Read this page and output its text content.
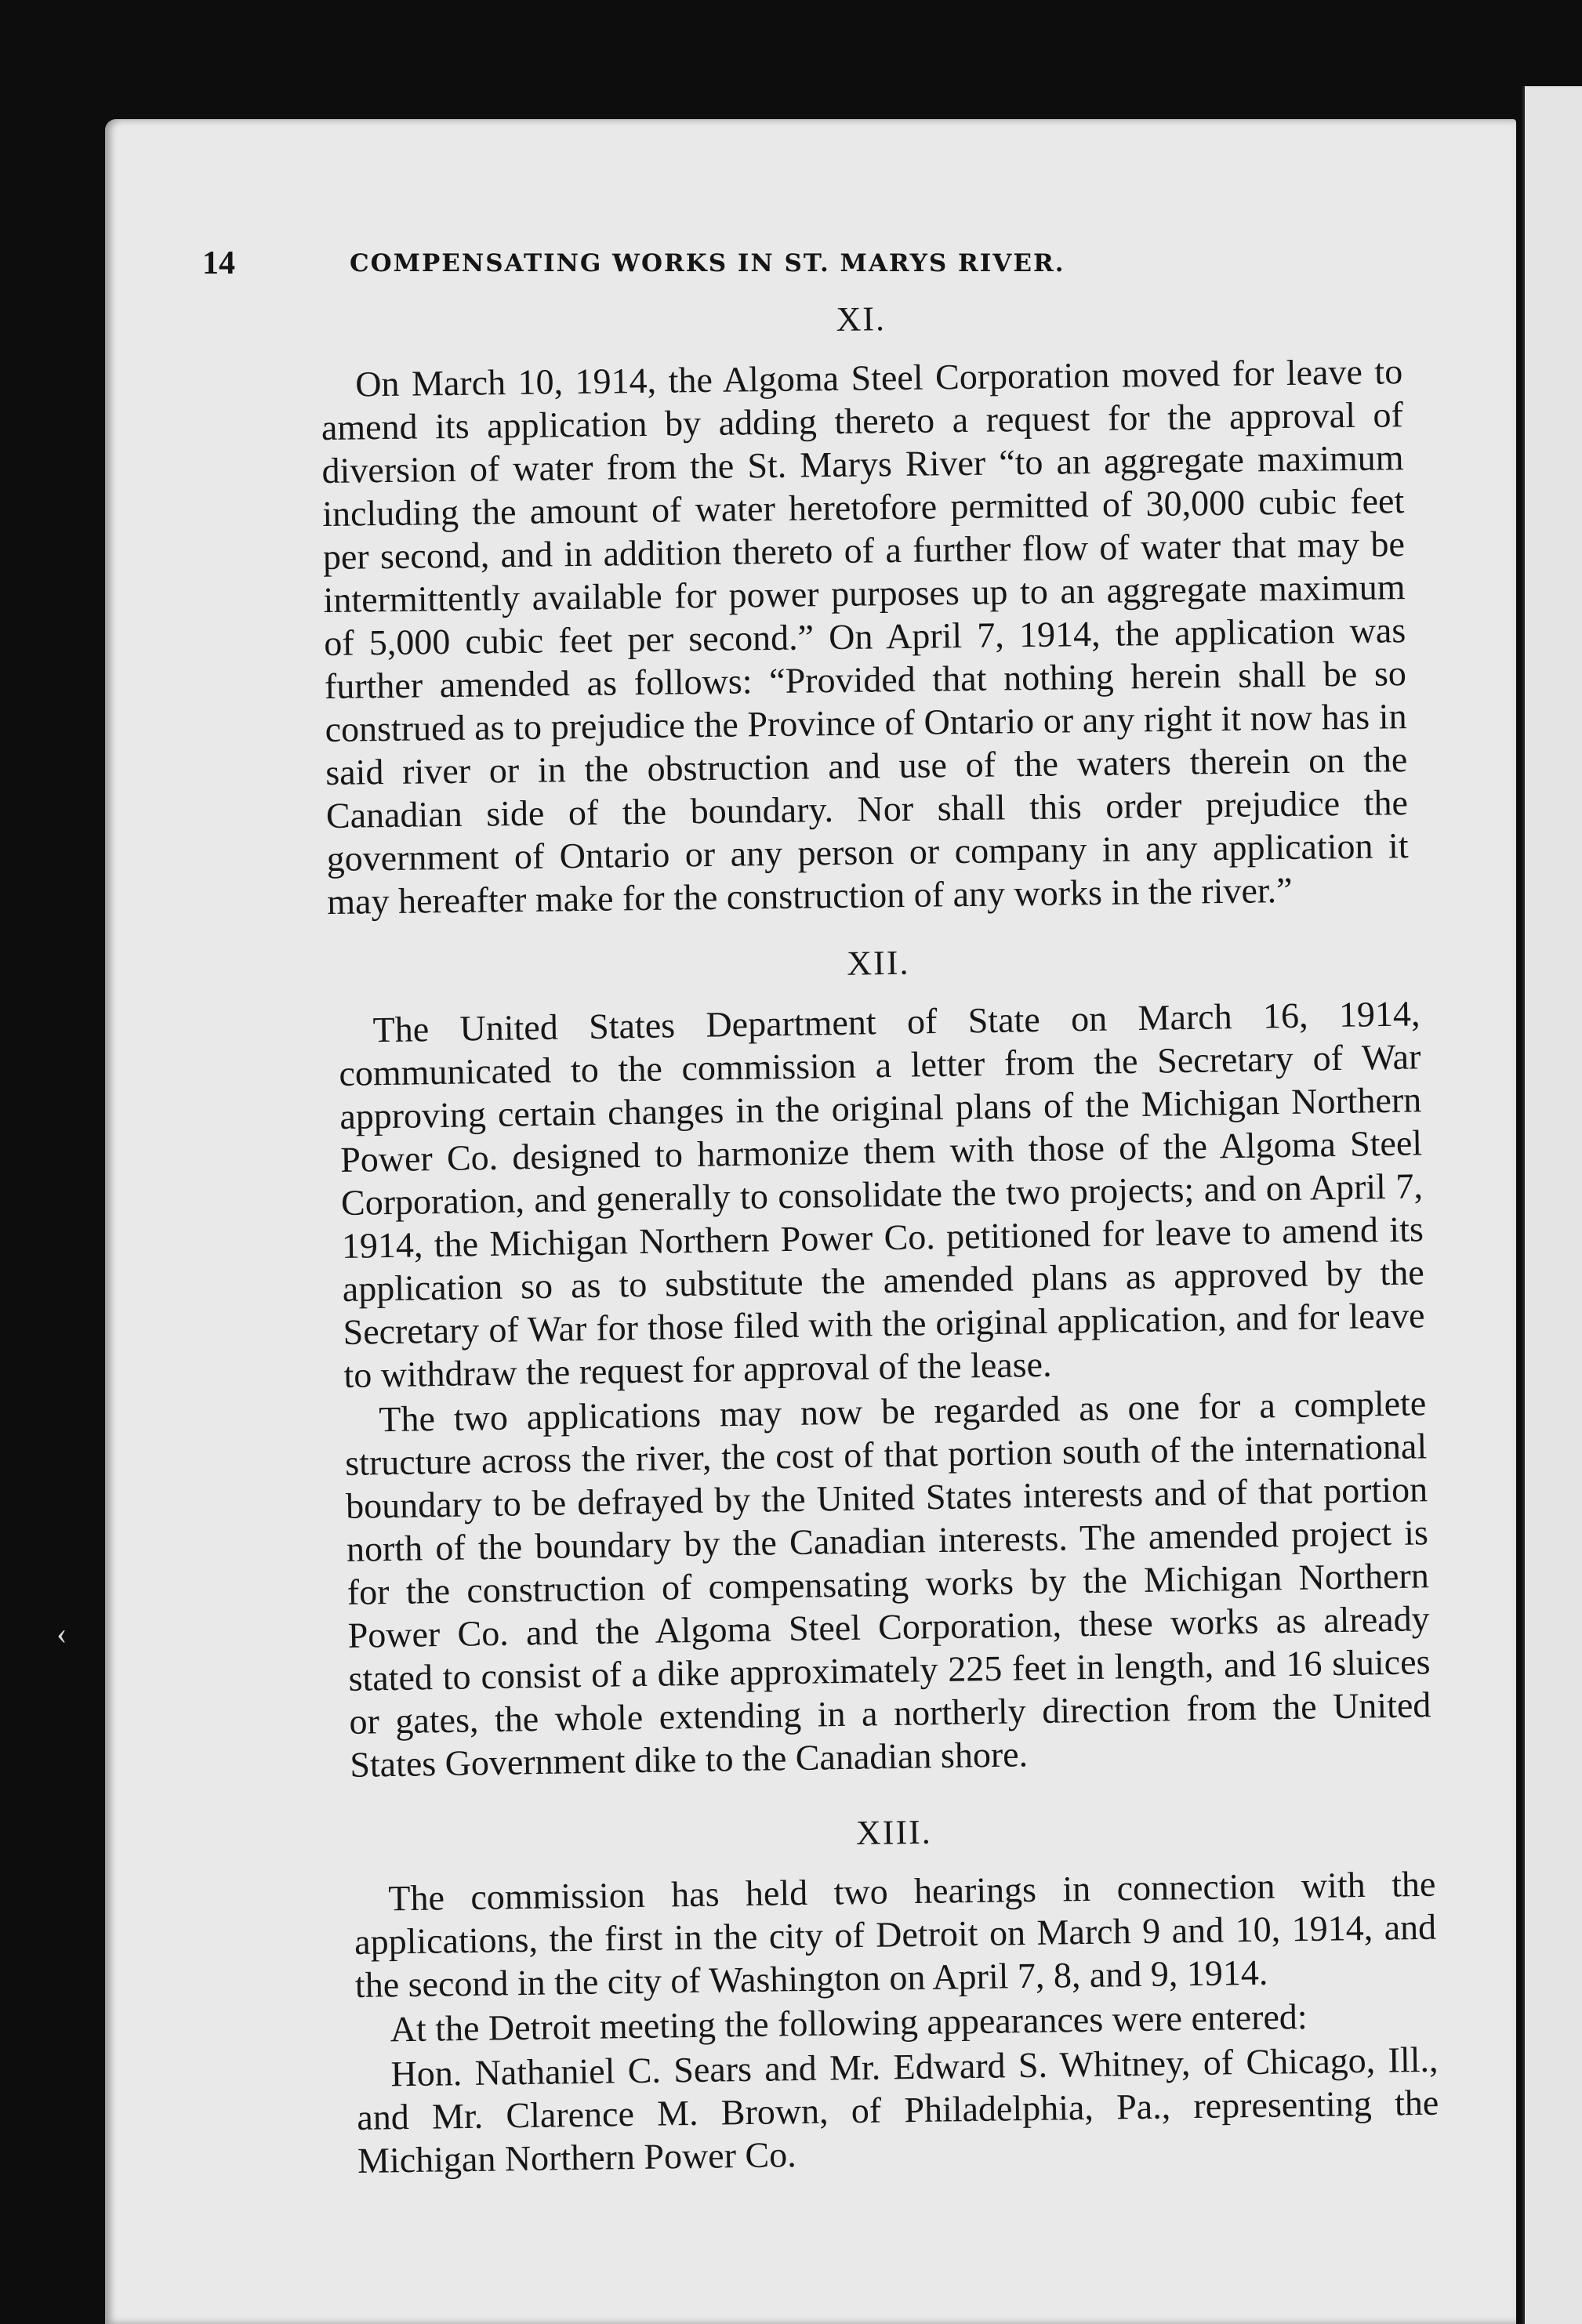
14	COMPENSATING WORKS IN ST. MARYS RIVER.
XI.

On March 10, 1914, the Algoma Steel Corporation moved for leave to amend its application by adding thereto a request for the approval of diversion of water from the St. Marys River “to an aggregate maximum including the amount of water heretofore permitted of 30,000 cubic feet per second, and in addition thereto of a further flow of water that may be intermittently available for power purposes up to an aggregate maximum of 5,000 cubic feet per second.” On April 7, 1914, the application was further amended as follows: “Provided that nothing herein shall be so construed as to prejudice the Province of Ontario or any right it now has in said river or in the obstruction and use of the waters therein on the Canadian side of the boundary. Nor shall this order prejudice the government of Ontario or any person or company in any application it may hereafter make for the construction of any works in the river.”

XII.

The United States Department of State on March 16, 1914, communicated to the commission a letter from the Secretary of War approving certain changes in the original plans of the Michigan Northern Power Co. designed to harmonize them with those of the Algoma Steel Corporation, and generally to consolidate the two projects; and on April 7, 1914, the Michigan Northern Power Co. petitioned for leave to amend its application so as to substitute the amended plans as approved by the Secretary of War for those filed with the original application, and for leave to withdraw the request for approval of the lease.

The two applications may now be regarded as one for a complete structure across the river, the cost of that portion south of the international boundary to be defrayed by the United States interests and of that portion north of the boundary by the Canadian interests. The amended project is for the construction of compensating works by the Michigan Northern Power Co. and the Algoma Steel Corporation, these works as already stated to consist of a dike approximately 225 feet in length, and 16 sluices or gates, the whole extending in a northerly direction from the United States Government dike to the Canadian shore.

XIII.

The commission has held two hearings in connection with the applications, the first in the city of Detroit on March 9 and 10, 1914, and the second in the city of Washington on April 7, 8, and 9, 1914.

At the Detroit meeting the following appearances were entered:

Hon. Nathaniel C. Sears and Mr. Edward S. Whitney, of Chicago, Ill., and Mr. Clarence M. Brown, of Philadelphia, Pa., representing the Michigan Northern Power Co.

‹
